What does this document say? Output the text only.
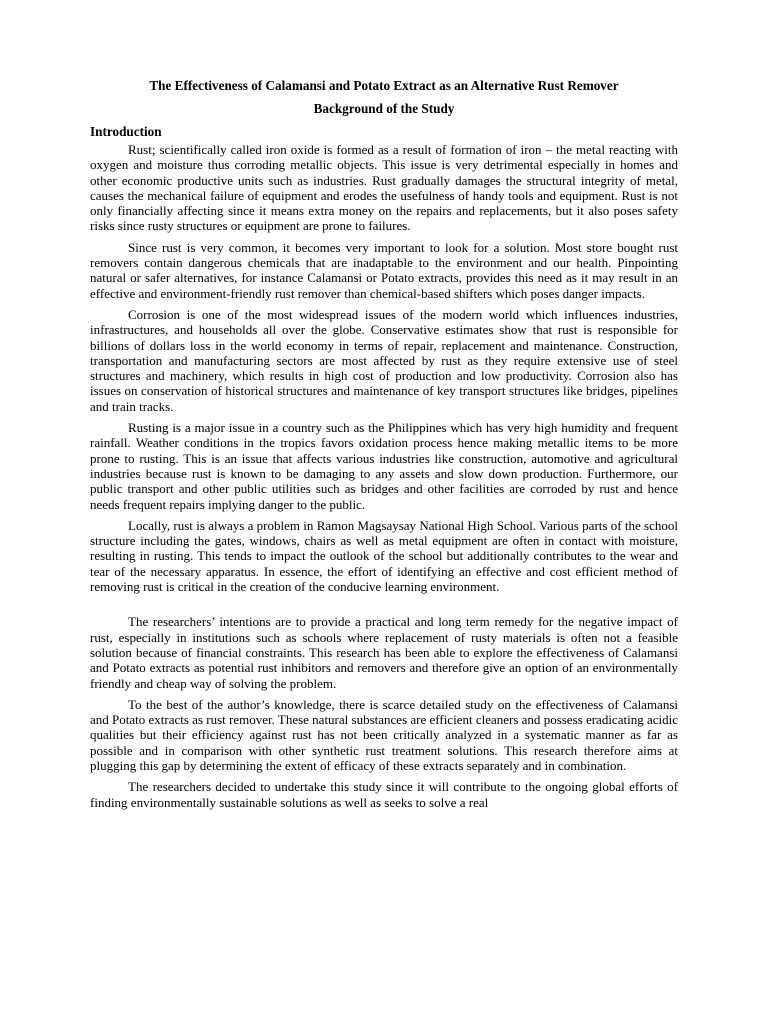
The Effectiveness of Calamansi and Potato Extract as an Alternative Rust Remover
Background of the Study
Introduction

Rust; scientifically called iron oxide is formed as a result of formation of iron – the metal reacting with oxygen and moisture thus corroding metallic objects. This issue is very detrimental especially in homes and other economic productive units such as industries. Rust gradually damages the structural integrity of metal, causes the mechanical failure of equipment and erodes the usefulness of handy tools and equipment. Rust is not only financially affecting since it means extra money on the repairs and replacements, but it also poses safety risks since rusty structures or equipment are prone to failures.

Since rust is very common, it becomes very important to look for a solution. Most store bought rust removers contain dangerous chemicals that are inadaptable to the environment and our health. Pinpointing natural or safer alternatives, for instance Calamansi or Potato extracts, provides this need as it may result in an effective and environment-friendly rust remover than chemical-based shifters which poses danger impacts.

Corrosion is one of the most widespread issues of the modern world which influences industries, infrastructures, and households all over the globe. Conservative estimates show that rust is responsible for billions of dollars loss in the world economy in terms of repair, replacement and maintenance. Construction, transportation and manufacturing sectors are most affected by rust as they require extensive use of steel structures and machinery, which results in high cost of production and low productivity. Corrosion also has issues on conservation of historical structures and maintenance of key transport structures like bridges, pipelines and train tracks.

Rusting is a major issue in a country such as the Philippines which has very high humidity and frequent rainfall. Weather conditions in the tropics favors oxidation process hence making metallic items to be more prone to rusting. This is an issue that affects various industries like construction, automotive and agricultural industries because rust is known to be damaging to any assets and slow down production. Furthermore, our public transport and other public utilities such as bridges and other facilities are corroded by rust and hence needs frequent repairs implying danger to the public.

Locally, rust is always a problem in Ramon Magsaysay National High School. Various parts of the school structure including the gates, windows, chairs as well as metal equipment are often in contact with moisture, resulting in rusting. This tends to impact the outlook of the school but additionally contributes to the wear and tear of the necessary apparatus. In essence, the effort of identifying an effective and cost efficient method of removing rust is critical in the creation of the conducive learning environment.

The researchers’ intentions are to provide a practical and long term remedy for the negative impact of rust, especially in institutions such as schools where replacement of rusty materials is often not a feasible solution because of financial constraints. This research has been able to explore the effectiveness of Calamansi and Potato extracts as potential rust inhibitors and removers and therefore give an option of an environmentally friendly and cheap way of solving the problem.

To the best of the author’s knowledge, there is scarce detailed study on the effectiveness of Calamansi and Potato extracts as rust remover. These natural substances are efficient cleaners and possess eradicating acidic qualities but their efficiency against rust has not been critically analyzed in a systematic manner as far as possible and in comparison with other synthetic rust treatment solutions. This research therefore aims at plugging this gap by determining the extent of efficacy of these extracts separately and in combination.

The researchers decided to undertake this study since it will contribute to the ongoing global efforts of finding environmentally sustainable solutions as well as seeks to solve a real
